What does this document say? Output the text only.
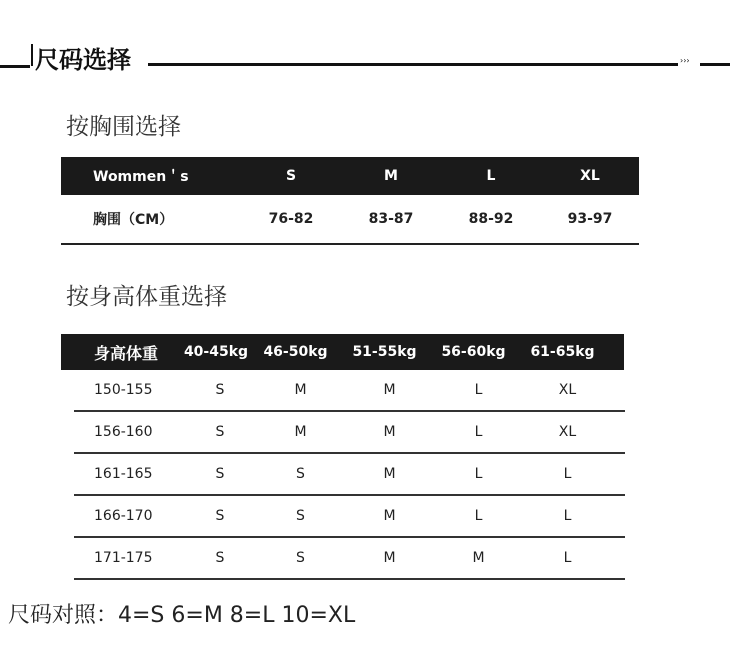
尺码选择	›››
按胸围选择
Wommen＇s	S	M	L	XL
胸围（CM）	76-82	83-87	88-92	93-97
按身高体重选择
身高体重	40-45kg	46-50kg	51-55kg	56-60kg	61-65kg
150-155	S	M	M	L	XL
156-160	S	M	M	L	XL
161-165	S	S	M	L	L
166-170	S	S	M	L	L
171-175	S	S	M	M	L
尺码对照：4=S 6=M 8=L 10=XL
